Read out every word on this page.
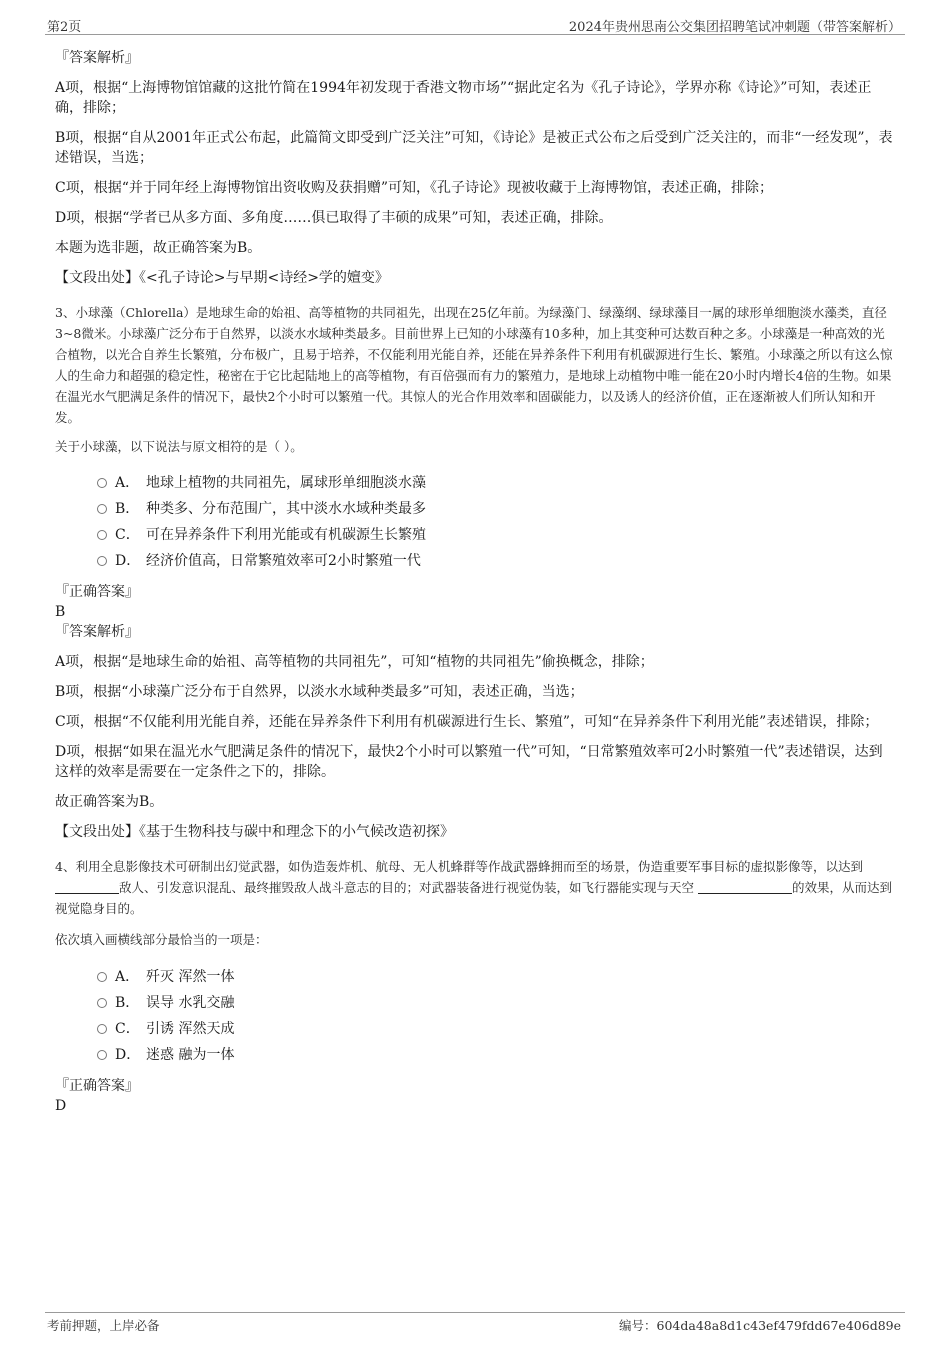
第2页	2024年贵州思南公交集团招聘笔试冲刺题（带答案解析）

『答案解析』

A项，根据“上海博物馆馆藏的这批竹简在1994年初发现于香港文物市场”“据此定名为《孔子诗论》，学界亦称《诗论》”可知，表述正确，排除；

B项，根据“自从2001年正式公布起，此篇简文即受到广泛关注”可知，《诗论》是被正式公布之后受到广泛关注的，而非“一经发现”，表述错误，当选；

C项，根据“并于同年经上海博物馆出资收购及获捐赠”可知，《孔子诗论》现被收藏于上海博物馆，表述正确，排除；

D项，根据“学者已从多方面、多角度……俱已取得了丰硕的成果”可知，表述正确，排除。

本题为选非题，故正确答案为B。

【文段出处】《<孔子诗论>与早期<诗经>学的嬗变》

3、小球藻（Chlorella）是地球生命的始祖、高等植物的共同祖先，出现在25亿年前。为绿藻门、绿藻纲、绿球藻目一属的球形单细胞淡水藻类，直径3~8微米。小球藻广泛分布于自然界，以淡水水域种类最多。目前世界上已知的小球藻有10多种，加上其变种可达数百种之多。小球藻是一种高效的光合植物，以光合自养生长繁殖，分布极广，且易于培养，不仅能利用光能自养，还能在异养条件下利用有机碳源进行生长、繁殖。小球藻之所以有这么惊人的生命力和超强的稳定性，秘密在于它比起陆地上的高等植物，有百倍强而有力的繁殖力，是地球上动植物中唯一能在20小时内增长4倍的生物。如果在温光水气肥满足条件的情况下，最快2个小时可以繁殖一代。其惊人的光合作用效率和固碳能力，以及诱人的经济价值，正在逐渐被人们所认知和开发。

关于小球藻，以下说法与原文相符的是（ ）。

A． 地球上植物的共同祖先，属球形单细胞淡水藻
B． 种类多、分布范围广，其中淡水水域种类最多
C． 可在异养条件下利用光能或有机碳源生长繁殖
D． 经济价值高，日常繁殖效率可2小时繁殖一代

『正确答案』

B

『答案解析』

A项，根据“是地球生命的始祖、高等植物的共同祖先”，可知“植物的共同祖先”偷换概念，排除；

B项，根据“小球藻广泛分布于自然界，以淡水水域种类最多”可知，表述正确，当选；

C项，根据“不仅能利用光能自养，还能在异养条件下利用有机碳源进行生长、繁殖”，可知“在异养条件下利用光能”表述错误，排除；

D项，根据“如果在温光水气肥满足条件的情况下，最快2个小时可以繁殖一代”可知，“日常繁殖效率可2小时繁殖一代”表述错误，达到这样的效率是需要在一定条件之下的，排除。

故正确答案为B。

【文段出处】《基于生物科技与碳中和理念下的小气候改造初探》

4、利用全息影像技术可研制出幻觉武器，如伪造轰炸机、航母、无人机蜂群等作战武器蜂拥而至的场景，伪造重要军事目标的虚拟影像等，以达到 敌人、引发意识混乱、最终摧毁敌人战斗意志的目的；对武器装备进行视觉伪装，如飞行器能实现与天空	的效果，从而达到视觉隐身目的。

依次填入画横线部分最恰当的一项是：

A． 歼灭 浑然一体
B． 误导 水乳交融
C． 引诱 浑然天成
D． 迷惑 融为一体

『正确答案』

D

考前押题，上岸必备	编号：604da48a8d1c43ef479fdd67e406d89e
